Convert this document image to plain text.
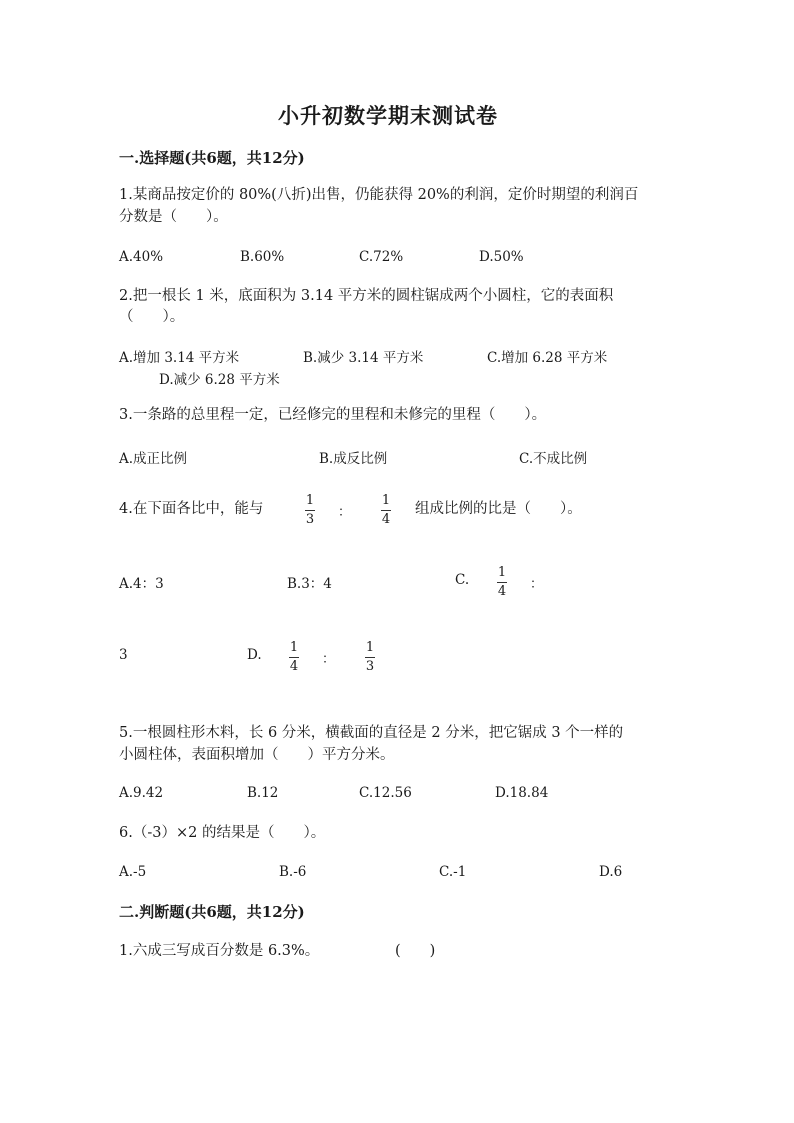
小升初数学期末测试卷
一.选择题(共6题，共12分)
1.某商品按定价的 80%(八折)出售，仍能获得 20%的利润，定价时期望的利润百
分数是（　　）。
A.40%	B.60%	C.72%	D.50%
2.把一根长 1 米，底面积为 3.14 平方米的圆柱锯成两个小圆柱，它的表面积
（　　）。
A.增加 3.14 平方米	B.减少 3.14 平方米	C.增加 6.28 平方米
D.减少 6.28 平方米
3.一条路的总里程一定，已经修完的里程和未修完的里程（　　）。
A.成正比例	B.成反比例	C.不成比例
4.在下面各比中，能与
1
3 ：
1
4
组成比例的比是（　　）。
A.4：3	B.3：4	C. 1
4 ：
3	D. 1
4 ：
1
3
5.一根圆柱形木料，长 6 分米，横截面的直径是 2 分米，把它锯成 3 个一样的
小圆柱体，表面积增加（　　）平方分米。
A.9.42	B.12	C.12.56	D.18.84
6.（-3）×2 的结果是（　　）。
A.-5	B.-6	C.-1	D.6
二.判断题(共6题，共12分)
1.六成三写成百分数是 6.3%。	(　　)
